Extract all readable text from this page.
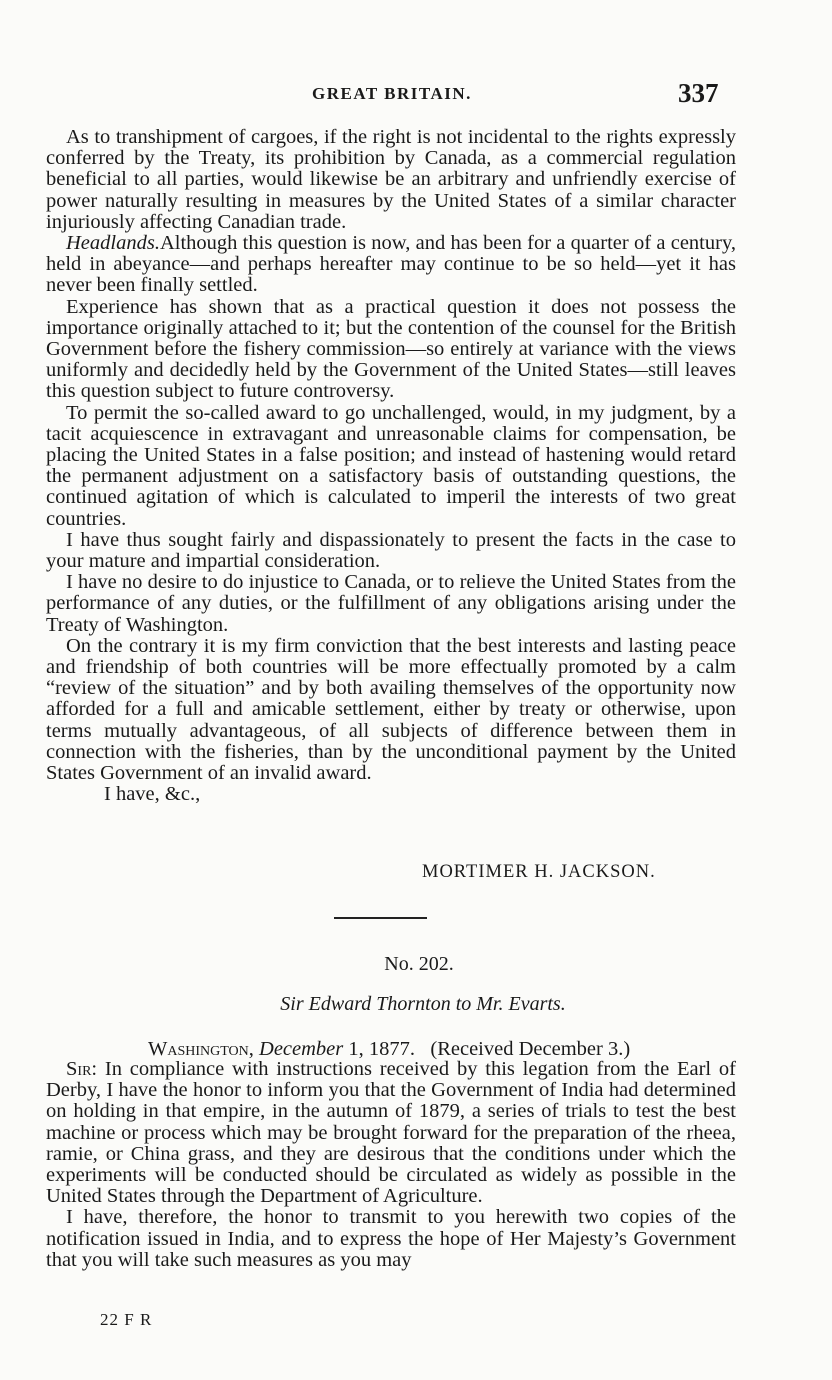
GREAT BRITAIN.	337

As to transhipment of cargoes, if the right is not incidental to the rights expressly conferred by the Treaty, its prohibition by Canada, as a commercial regulation beneficial to all parties, would likewise be an arbitrary and unfriendly exercise of power naturally resulting in measures by the United States of a similar character injuriously affecting Canadian trade.

Headlands.Although this question is now, and has been for a quarter of a century, held in abeyance—and perhaps hereafter may continue to be so held—yet it has never been finally settled.

Experience has shown that as a practical question it does not possess the importance originally attached to it; but the contention of the counsel for the British Government before the fishery commission—so entirely at variance with the views uniformly and decidedly held by the Government of the United States—still leaves this question subject to future controversy.

To permit the so-called award to go unchallenged, would, in my judgment, by a tacit acquiescence in extravagant and unreasonable claims for compensation, be placing the United States in a false position; and instead of hastening would retard the permanent adjustment on a satisfactory basis of outstanding questions, the continued agitation of which is calculated to imperil the interests of two great countries.

I have thus sought fairly and dispassionately to present the facts in the case to your mature and impartial consideration.

I have no desire to do injustice to Canada, or to relieve the United States from the performance of any duties, or the fulfillment of any obligations arising under the Treaty of Washington.

On the contrary it is my firm conviction that the best interests and lasting peace and friendship of both countries will be more effectually promoted by a calm “review of the situation” and by both availing themselves of the opportunity now afforded for a full and amicable settlement, either by treaty or otherwise, upon terms mutually advantageous, of all subjects of difference between them in connection with the fisheries, than by the unconditional payment by the United States Government of an invalid award.

I have, &c.,

MORTIMER H. JACKSON.
No. 202.
Sir Edward Thornton to Mr. Evarts.
Washington, December 1, 1877. (Received December 3.)

Sir: In compliance with instructions received by this legation from the Earl of Derby, I have the honor to inform you that the Government of India had determined on holding in that empire, in the autumn of 1879, a series of trials to test the best machine or process which may be brought forward for the preparation of the rheea, ramie, or China grass, and they are desirous that the conditions under which the experiments will be conducted should be circulated as widely as possible in the United States through the Department of Agriculture.

I have, therefore, the honor to transmit to you herewith two copies of the notification issued in India, and to express the hope of Her Majesty’s Government that you will take such measures as you may

22 F R
